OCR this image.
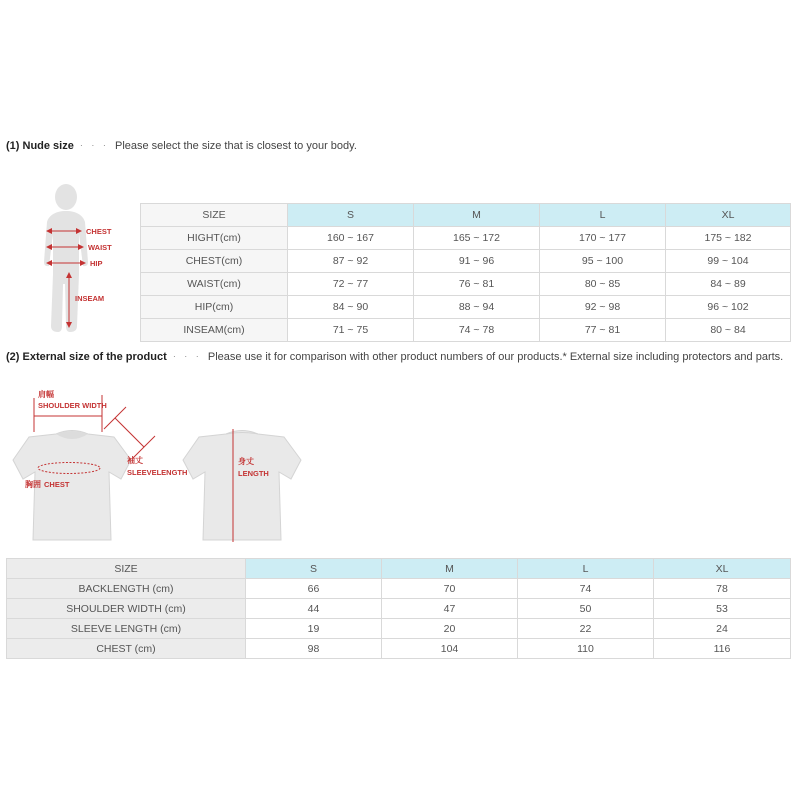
(1) Nude size · · · Please select the size that is closest to your body.
CHEST
WAIST
HIP
INSEAM
SIZE	S	M	L	XL
HIGHT(cm)	160 ~ 167	165 ~ 172	170 ~ 177	175 ~ 182
CHEST(cm)	87 ~ 92	91 ~ 96	95 ~ 100	99 ~ 104
WAIST(cm)	72 ~ 77	76 ~ 81	80 ~ 85	84 ~ 89
HIP(cm)	84 ~ 90	88 ~ 94	92 ~ 98	96 ~ 102
INSEAM(cm)	71 ~ 75	74 ~ 78	77 ~ 81	80 ~ 84
(2) External size of the product · · · Please use it for comparison with other product numbers of our products.* External size including protectors and parts.
肩幅
SHOULDER WIDTH
袖丈
SLEEVELENGTH
胸囲 CHEST
身丈
LENGTH
SIZE	S	M	L	XL
BACKLENGTH (cm)	66	70	74	78
SHOULDER WIDTH (cm)	44	47	50	53
SLEEVE LENGTH (cm)	19	20	22	24
CHEST (cm)	98	104	110	116
